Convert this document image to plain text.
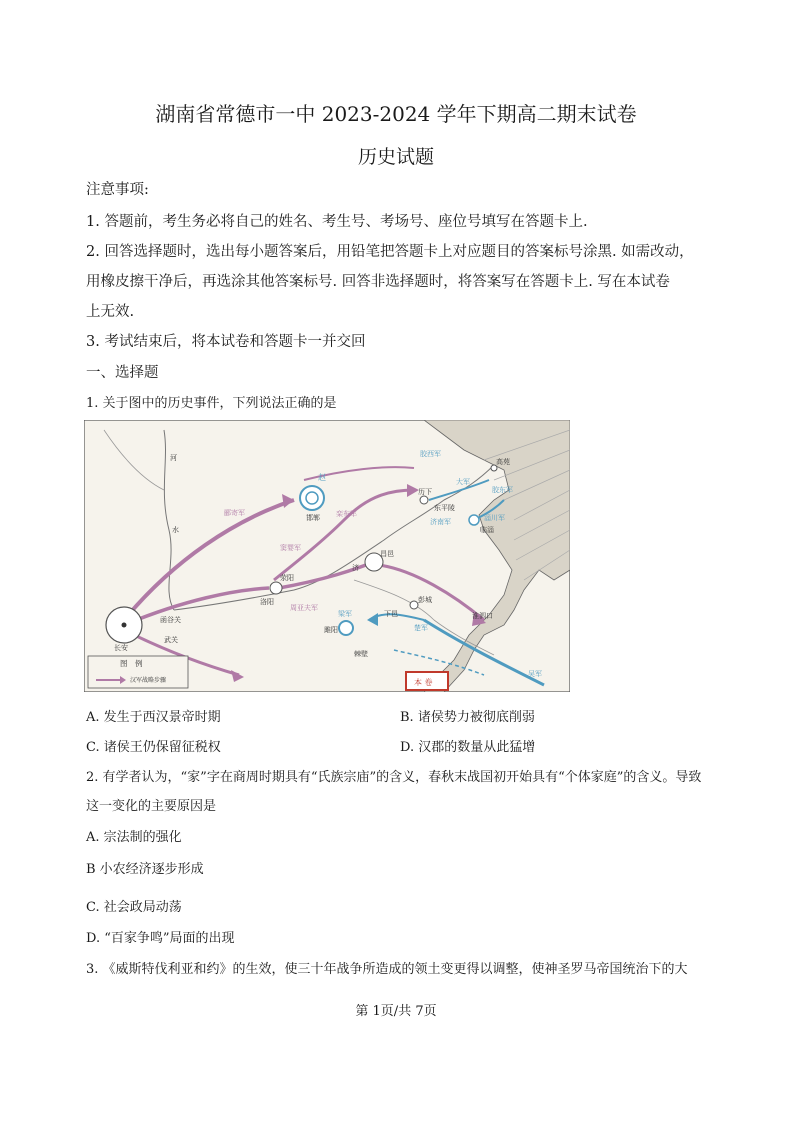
湖南省常德市一中 2023-2024 学年下期高二期末试卷
历史试题
注意事项:
1. 答题前，考生务必将自己的姓名、考生号、考场号、座位号填写在答题卡上.
2. 回答选择题时，选出每小题答案后，用铅笔把答题卡上对应题目的答案标号涂黑. 如需改动，
用橡皮擦干净后，再选涂其他答案标号. 回答非选择题时，将答案写在答题卡上. 写在本试卷
上无效.
3. 考试结束后，将本试卷和答题卡一并交回
一、选择题
1. 关于图中的历史事件，下列说法正确的是
长安
洛阳
荥阳
邯郸
赵
雎阳
彭城
下邑
棘壁
淮泗口
高苑
临淄
历下
昌邑
函谷关
武关
东平陵
郦寄军	栾布军
窦婴军
周亚夫军
梁军
楚军
吴军
胶西军
胶东军
淄川军
济南军
大军
河
水
济
图　例
汉军战略步骤	本 卷
A. 发生于西汉景帝时期	B. 诸侯势力被彻底削弱
C. 诸侯王仍保留征税权	D. 汉郡的数量从此猛增
2. 有学者认为，“家”字在商周时期具有“氏族宗庙”的含义，春秋末战国初开始具有“个体家庭”的含义。导致
这一变化的主要原因是
A. 宗法制的强化
B 小农经济逐步形成
C. 社会政局动荡
D. “百家争鸣”局面的出现
3. 《威斯特伐利亚和约》的生效，使三十年战争所造成的领土变更得以调整，使神圣罗马帝国统治下的大
第 1页/共 7页
